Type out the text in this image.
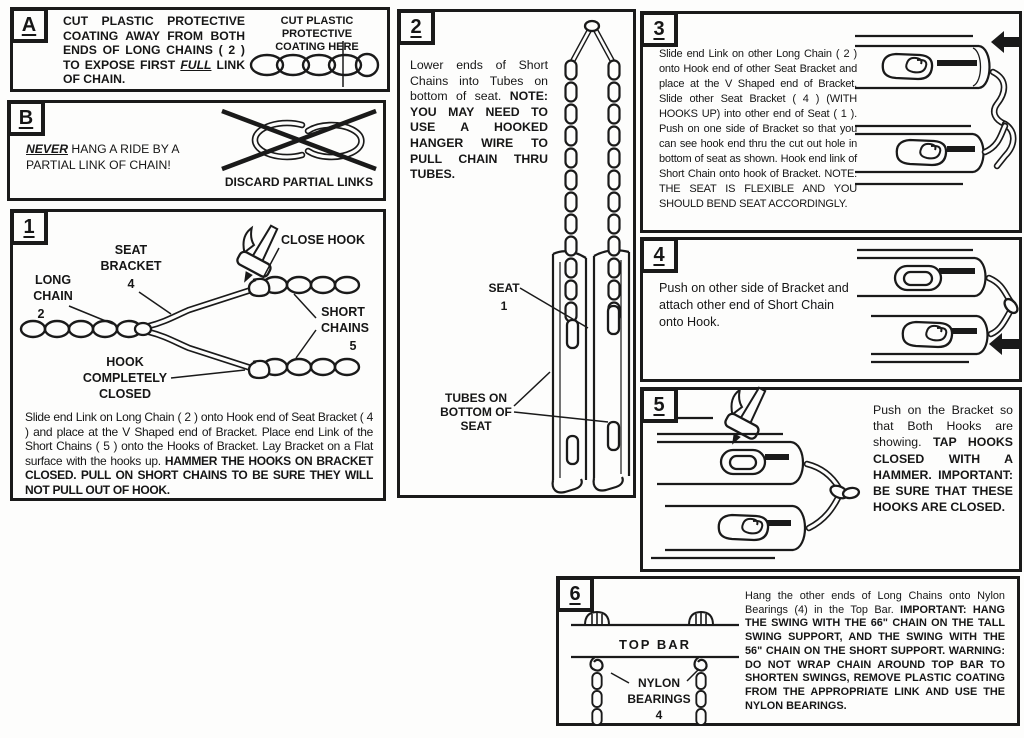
A CUT PLASTIC PROTECTIVE COATING AWAY FROM BOTH ENDS OF LONG CHAINS ( 2 ) TO EXPOSE FIRST FULL LINK OF CHAIN.
CUT PLASTIC PROTECTIVE
COATING HERE
B
NEVER HANG A RIDE BY A PARTIAL LINK OF CHAIN!
DISCARD PARTIAL LINKS
1
CLOSE HOOK
SEAT
BRACKET
4
LONG
CHAIN
2	SHORT
CHAINS
5
HOOK
COMPLETELY
CLOSED
Slide end Link on Long Chain ( 2 ) onto Hook end of Seat Bracket ( 4 ) and place at the V Shaped end of Bracket. Place end Link of the Short Chains ( 5 ) onto the Hooks of Bracket. Lay Bracket on a Flat surface with the hooks up. HAMMER THE HOOKS ON BRACKET CLOSED. PULL ON SHORT CHAINS TO BE SURE THEY WILL NOT PULL OUT OF HOOK.
2
SEAT
1
TUBES ON
BOTTOM OF
SEAT
Lower ends of Short Chains into Tubes on bottom of seat. NOTE: YOU MAY NEED TO USE A HOOKED HANGER WIRE TO PULL CHAIN THRU TUBES.
3
Slide end Link on other Long Chain ( 2 ) onto Hook end of other Seat Bracket and place at the V Shaped end of Bracket. Slide other Seat Bracket ( 4 ) (WITH HOOKS UP) into other end of Seat ( 1 ). Push on one side of Bracket so that you can see hook end thru the cut out hole in bottom of seat as shown. Hook end link of Short Chain onto hook of Bracket. NOTE: THE SEAT IS FLEXIBLE AND YOU SHOULD BEND SEAT ACCORDINGLY.
4
Push on other side of Bracket and attach other end of Short Chain onto Hook.
5	Push on the Bracket so that Both Hooks are showing. TAP HOOKS CLOSED WITH A HAMMER. IMPORTANT: BE SURE THAT THESE HOOKS ARE CLOSED.
6
TOP BAR
NYLON
BEARINGS
4
Hang the other ends of Long Chains onto Nylon Bearings (4) in the Top Bar. IMPORTANT: HANG THE SWING WITH THE 66" CHAIN ON THE TALL SWING SUPPORT, AND THE SWING WITH THE 56" CHAIN ON THE SHORT SUPPORT. WARNING: DO NOT WRAP CHAIN AROUND TOP BAR TO SHORTEN SWINGS, REMOVE PLASTIC COATING FROM THE APPROPRIATE LINK AND USE THE NYLON BEARINGS.
